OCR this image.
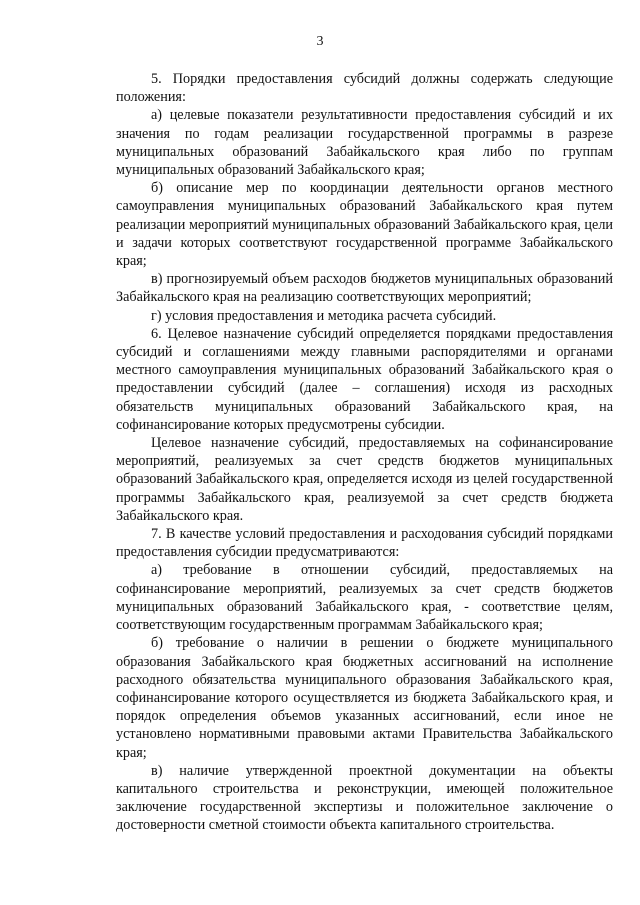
3

5. Порядки предоставления субсидий должны содержать следующие положения:

а) целевые показатели результативности предоставления субсидий и их значения по годам реализации государственной программы в разрезе муниципальных образований Забайкальского края либо по группам муниципальных образований Забайкальского края;

б) описание мер по координации деятельности органов местного самоуправления муниципальных образований Забайкальского края путем реализации мероприятий муниципальных образований Забайкальского края, цели и задачи которых соответствуют государственной программе Забайкальского края;

в) прогнозируемый объем расходов бюджетов муниципальных образований Забайкальского края на реализацию соответствующих мероприятий;

г) условия предоставления и методика расчета субсидий.

6. Целевое назначение субсидий определяется порядками предоставления субсидий и соглашениями между главными распорядителями и органами местного самоуправления муниципальных образований Забайкальского края о предоставлении субсидий (далее – соглашения) исходя из расходных обязательств муниципальных образований Забайкальского края, на софинансирование которых предусмотрены субсидии.

Целевое назначение субсидий, предоставляемых на софинансирование мероприятий, реализуемых за счет средств бюджетов муниципальных образований Забайкальского края, определяется исходя из целей государственной программы Забайкальского края, реализуемой за счет средств бюджета Забайкальского края.

7. В качестве условий предоставления и расходования субсидий порядками предоставления субсидии предусматриваются:

а) требование в отношении субсидий, предоставляемых на софинансирование мероприятий, реализуемых за счет средств бюджетов муниципальных образований Забайкальского края, - соответствие целям, соответствующим государственным программам Забайкальского края;

б) требование о наличии в решении о бюджете муниципального образования Забайкальского края бюджетных ассигнований на исполнение расходного обязательства муниципального образования Забайкальского края, софинансирование которого осуществляется из бюджета Забайкальского края, и порядок определения объемов указанных ассигнований, если иное не установлено нормативными правовыми актами Правительства Забайкальского края;

в) наличие утвержденной проектной документации на объекты капитального строительства и реконструкции, имеющей положительное заключение государственной экспертизы и положительное заключение о достоверности сметной стоимости объекта капитального строительства.
